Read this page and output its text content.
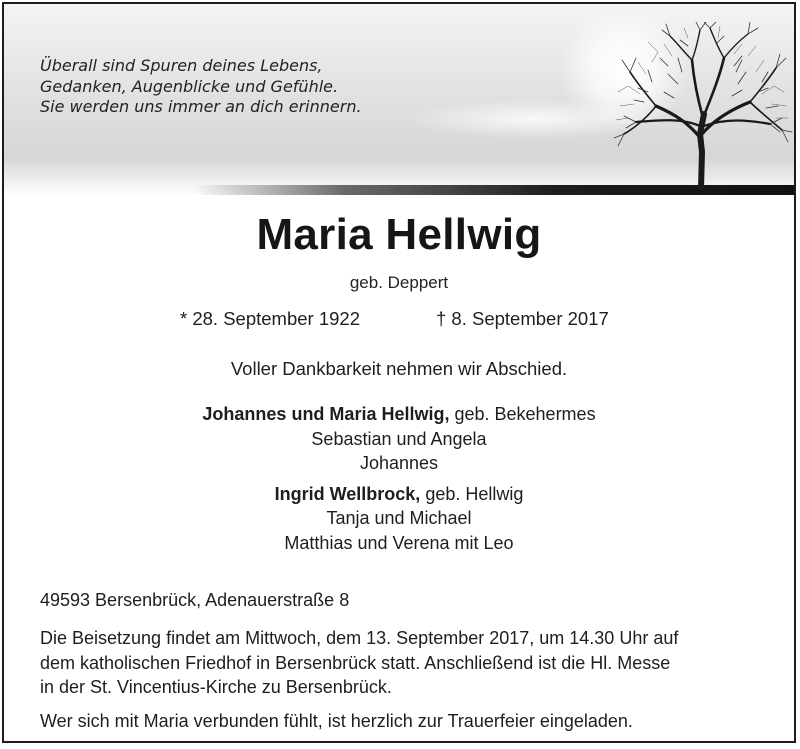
Überall sind Spuren deines Lebens,
Gedanken, Augenblicke und Gefühle.
Sie werden uns immer an dich erinnern.
Maria Hellwig
geb. Deppert
* 28. September 1922	† 8. September 2017
Voller Dankbarkeit nehmen wir Abschied.
Johannes und Maria Hellwig, geb. Bekehermes
Sebastian und Angela
Johannes
Ingrid Wellbrock, geb. Hellwig
Tanja und Michael
Matthias und Verena mit Leo
49593 Bersenbrück, Adenauerstraße 8
Die Beisetzung findet am Mittwoch, dem 13. September 2017, um 14.30 Uhr auf
dem katholischen Friedhof in Bersenbrück statt. Anschließend ist die Hl. Messe
in der St. Vincentius-Kirche zu Bersenbrück.
Wer sich mit Maria verbunden fühlt, ist herzlich zur Trauerfeier eingeladen.
